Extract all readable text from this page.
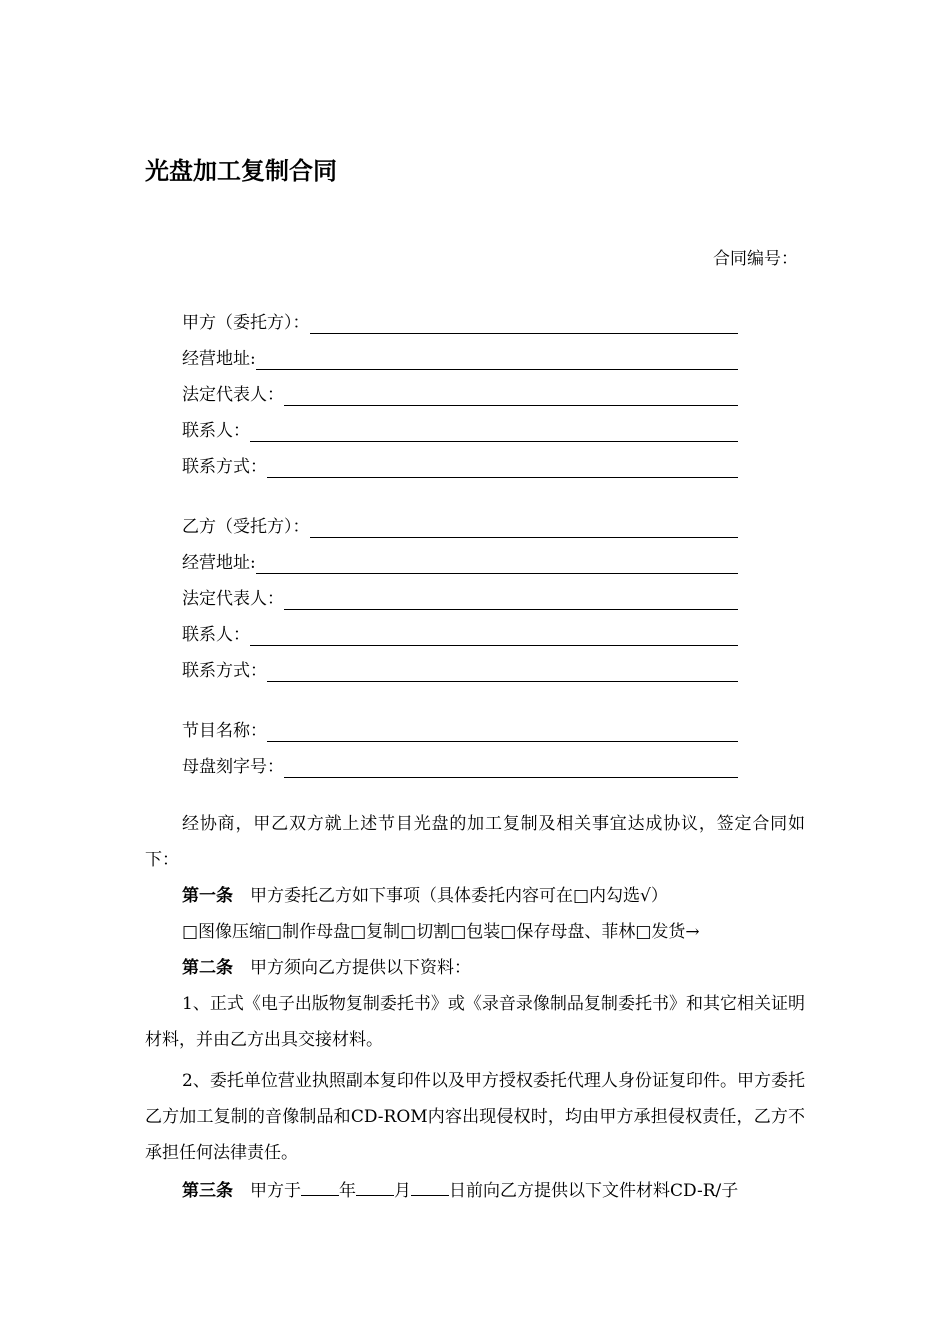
光盘加工复制合同
合同编号：
甲方（委托方）：
经营地址:
法定代表人：
联系人：
联系方式：
乙方（受托方）：
经营地址:
法定代表人：
联系人：
联系方式：
节目名称：
母盘刻字号：
经协商，甲乙双方就上述节目光盘的加工复制及相关事宜达成协议，签定合同如下：
第一条　甲方委托乙方如下事项（具体委托内容可在□内勾选√）
□图像压缩□制作母盘□复制□切割□包装□保存母盘、菲林□发货→
第二条　甲方须向乙方提供以下资料：
1、正式《电子出版物复制委托书》或《录音录像制品复制委托书》和其它相关证明材料，并由乙方出具交接材料。
2、委托单位营业执照副本复印件以及甲方授权委托代理人身份证复印件。甲方委托乙方加工复制的音像制品和CD-ROM内容出现侵权时，均由甲方承担侵权责任，乙方不承担任何法律责任。
第三条　甲方于 年 月 日前向乙方提供以下文件材料CD-R/子
